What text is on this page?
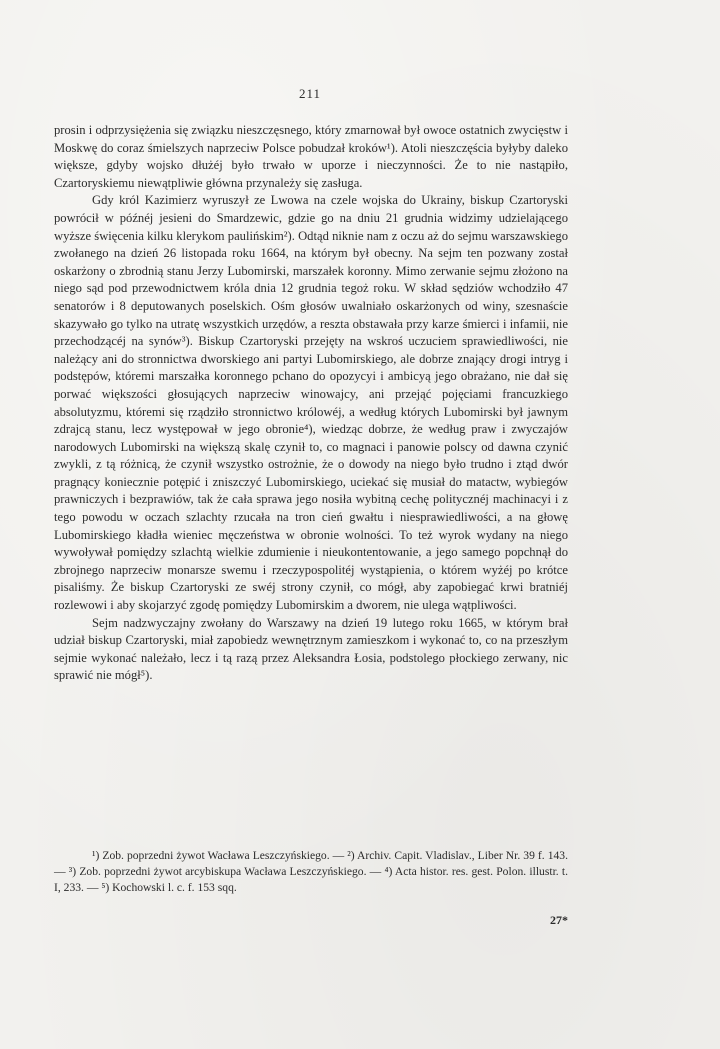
211

prosin i odprzysiężenia się związku nieszczęsnego, który zmarnował był owoce ostatnich zwycięstw i Moskwę do coraz śmielszych naprzeciw Polsce pobudzał kroków¹). Atoli nieszczęścia byłyby daleko większe, gdyby wojsko dłużéj było trwało w uporze i nieczynności. Że to nie nastąpiło, Czartoryskiemu niewątpliwie główna przynależy się zasługa.

Gdy król Kazimierz wyruszył ze Lwowa na czele wojska do Ukrainy, biskup Czartoryski powrócił w późnéj jesieni do Smardzewic, gdzie go na dniu 21 grudnia widzimy udzielającego wyższe święcenia kilku klerykom paulińskim²). Odtąd niknie nam z oczu aż do sejmu warszawskiego zwołanego na dzień 26 listopada roku 1664, na którym był obecny. Na sejm ten pozwany został oskarżony o zbrodnią stanu Jerzy Lubomirski, marszałek koronny. Mimo zerwanie sejmu złożono na niego sąd pod przewodnictwem króla dnia 12 grudnia tegoż roku. W skład sędziów wchodziło 47 senatorów i 8 deputowanych poselskich. Ośm głosów uwalniało oskarżonych od winy, szesnaście skazywało go tylko na utratę wszystkich urzędów, a reszta obstawała przy karze śmierci i infamii, nie przechodzącéj na synów³). Biskup Czartoryski przejęty na wskroś uczuciem sprawiedliwości, nie należący ani do stronnictwa dworskiego ani partyi Lubomirskiego, ale dobrze znający drogi intryg i podstępów, któremi marszałka koronnego pchano do opozycyi i ambicyą jego obrażano, nie dał się porwać większości głosujących naprzeciw winowajcy, ani przejąć pojęciami francuzkiego absolutyzmu, któremi się rządziło stronnictwo królowéj, a według których Lubomirski był jawnym zdrajcą stanu, lecz występował w jego obronie⁴), wiedząc dobrze, że według praw i zwyczajów narodowych Lubomirski na większą skalę czynił to, co magnaci i panowie polscy od dawna czynić zwykli, z tą różnicą, że czynił wszystko ostrożnie, że o dowody na niego było trudno i ztąd dwór pragnący koniecznie potępić i zniszczyć Lubomirskiego, uciekać się musiał do matactw, wybiegów prawniczych i bezprawiów, tak że cała sprawa jego nosiła wybitną cechę politycznéj machinacyi i z tego powodu w oczach szlachty rzucała na tron cień gwałtu i niesprawiedliwości, a na głowę Lubomirskiego kładła wieniec męczeństwa w obronie wolności. To też wyrok wydany na niego wywoływał pomiędzy szlachtą wielkie zdumienie i nieukontentowanie, a jego samego popchnął do zbrojnego naprzeciw monarsze swemu i rzeczypospolitéj wystąpienia, o którem wyżéj po krótce pisaliśmy. Że biskup Czartoryski ze swéj strony czynił, co mógł, aby zapobiegać krwi bratniéj rozlewowi i aby skojarzyć zgodę pomiędzy Lubomirskim a dworem, nie ulega wątpliwości.

Sejm nadzwyczajny zwołany do Warszawy na dzień 19 lutego roku 1665, w którym brał udział biskup Czartoryski, miał zapobiedz wewnętrznym zamieszkom i wykonać to, co na przeszłym sejmie wykonać należało, lecz i tą razą przez Aleksandra Łosia, podstolego płockiego zerwany, nic sprawić nie mógł⁵).

¹) Zob. poprzedni żywot Wacława Leszczyńskiego. — ²) Archiv. Capit. Vladislav., Liber Nr. 39 f. 143. — ³) Zob. poprzedni żywot arcybiskupa Wacława Leszczyńskiego. — ⁴) Acta histor. res. gest. Polon. illustr. t. I, 233. — ⁵) Kochowski l. c. f. 153 sqq.

27*
